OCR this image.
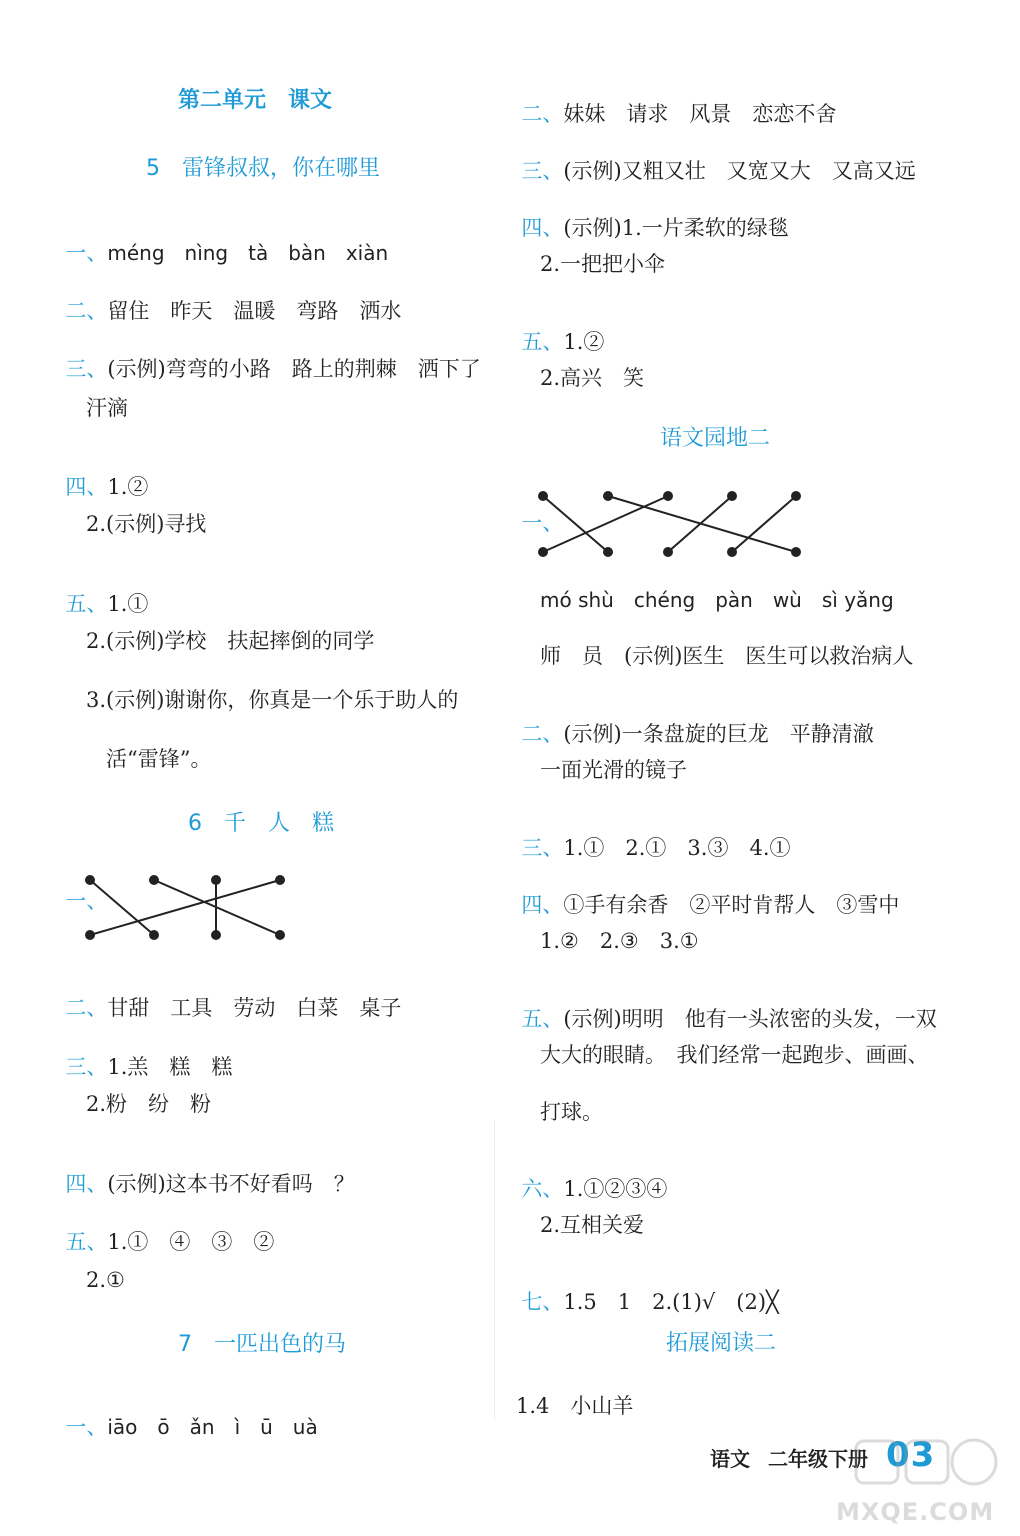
第二单元　课文
5　雷锋叔叔，你在哪里

一、méng　nìng　tà　bàn　xiàn

二、留住　昨天　温暖　弯路　洒水

三、(示例)弯弯的小路　路上的荆棘　洒下了

汗滴

四、1.②

2.(示例)寻找

五、1.①

2.(示例)学校　扶起摔倒的同学
3.(示例)谢谢你，你真是一个乐于助人的
活“雷锋”。
6　千　人　糕

一、

二、甘甜　工具　劳动　白菜　桌子

三、1.羔　糕　糕

2.粉　纷　粉

四、(示例)这本书不好看吗　？

五、1.①　④　③　②

2.①
7　一匹出色的马

一、iāo　ō　ǎn　ì　ū　uà

二、妹妹　请求　风景　恋恋不舍

三、(示例)又粗又壮　又宽又大　又高又远

四、(示例)1.一片柔软的绿毯

2.一把把小伞

五、1.②

2.高兴　笑
语文园地二

一、

mó shù　chéng　pàn　wù　sì yǎng
师　员　(示例)医生　医生可以救治病人

二、(示例)一条盘旋的巨龙　平静清澈

一面光滑的镜子

三、1.①　2.①　3.③　4.①

四、①手有余香　②平时肯帮人　③雪中

1.②　2.③　3.①

五、(示例)明明　他有一头浓密的头发，一双

大大的眼睛。　我们经常一起跑步、画画、
打球。

六、1.①②③④

2.互相关爱

七、1.5　1　2.(1)√　(2)╳

拓展阅读二
1.4　小山羊
语文 二年级下册 03
MXQE.COM
